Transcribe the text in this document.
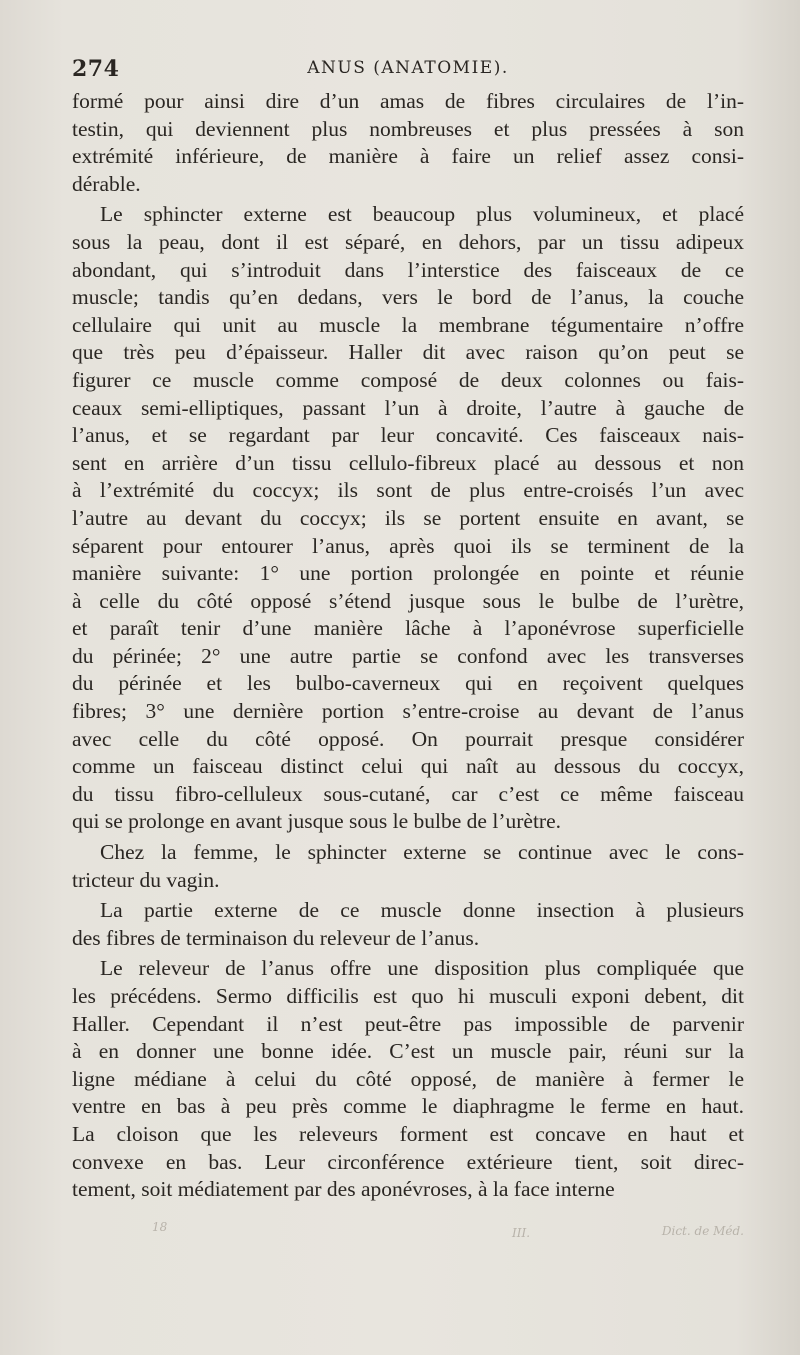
274	ANUS (ANATOMIE).
formé pour ainsi dire d’un amas de fibres circulaires de l’in-
testin, qui deviennent plus nombreuses et plus pressées à son
extrémité inférieure, de manière à faire un relief assez consi-
dérable.
Le sphincter externe est beaucoup plus volumineux, et placé
sous la peau, dont il est séparé, en dehors, par un tissu adipeux
abondant, qui s’introduit dans l’interstice des faisceaux de ce
muscle; tandis qu’en dedans, vers le bord de l’anus, la couche
cellulaire qui unit au muscle la membrane tégumentaire n’offre
que très peu d’épaisseur. Haller dit avec raison qu’on peut se
figurer ce muscle comme composé de deux colonnes ou fais-
ceaux semi-elliptiques, passant l’un à droite, l’autre à gauche de
l’anus, et se regardant par leur concavité. Ces faisceaux nais-
sent en arrière d’un tissu cellulo-fibreux placé au dessous et non
à l’extrémité du coccyx; ils sont de plus entre-croisés l’un avec
l’autre au devant du coccyx; ils se portent ensuite en avant, se
séparent pour entourer l’anus, après quoi ils se terminent de la
manière suivante: 1° une portion prolongée en pointe et réunie
à celle du côté opposé s’étend jusque sous le bulbe de l’urètre,
et paraît tenir d’une manière lâche à l’aponévrose superficielle
du périnée; 2° une autre partie se confond avec les transverses
du périnée et les bulbo-caverneux qui en reçoivent quelques
fibres; 3° une dernière portion s’entre-croise au devant de l’anus
avec celle du côté opposé. On pourrait presque considérer
comme un faisceau distinct celui qui naît au dessous du coccyx,
du tissu fibro-celluleux sous-cutané, car c’est ce même faisceau
qui se prolonge en avant jusque sous le bulbe de l’urètre.
Chez la femme, le sphincter externe se continue avec le cons-
tricteur du vagin.
La partie externe de ce muscle donne insection à plusieurs
des fibres de terminaison du releveur de l’anus.
Le releveur de l’anus offre une disposition plus compliquée que
les précédens. Sermo difficilis est quo hi musculi exponi debent, dit
Haller. Cependant il n’est peut-être pas impossible de parvenir
à en donner une bonne idée. C’est un muscle pair, réuni sur la
ligne médiane à celui du côté opposé, de manière à fermer le
ventre en bas à peu près comme le diaphragme le ferme en haut.
La cloison que les releveurs forment est concave en haut et
convexe en bas. Leur circonférence extérieure tient, soit direc-
tement, soit médiatement par des aponévroses, à la face interne
18	III.	Dict. de Méd.
